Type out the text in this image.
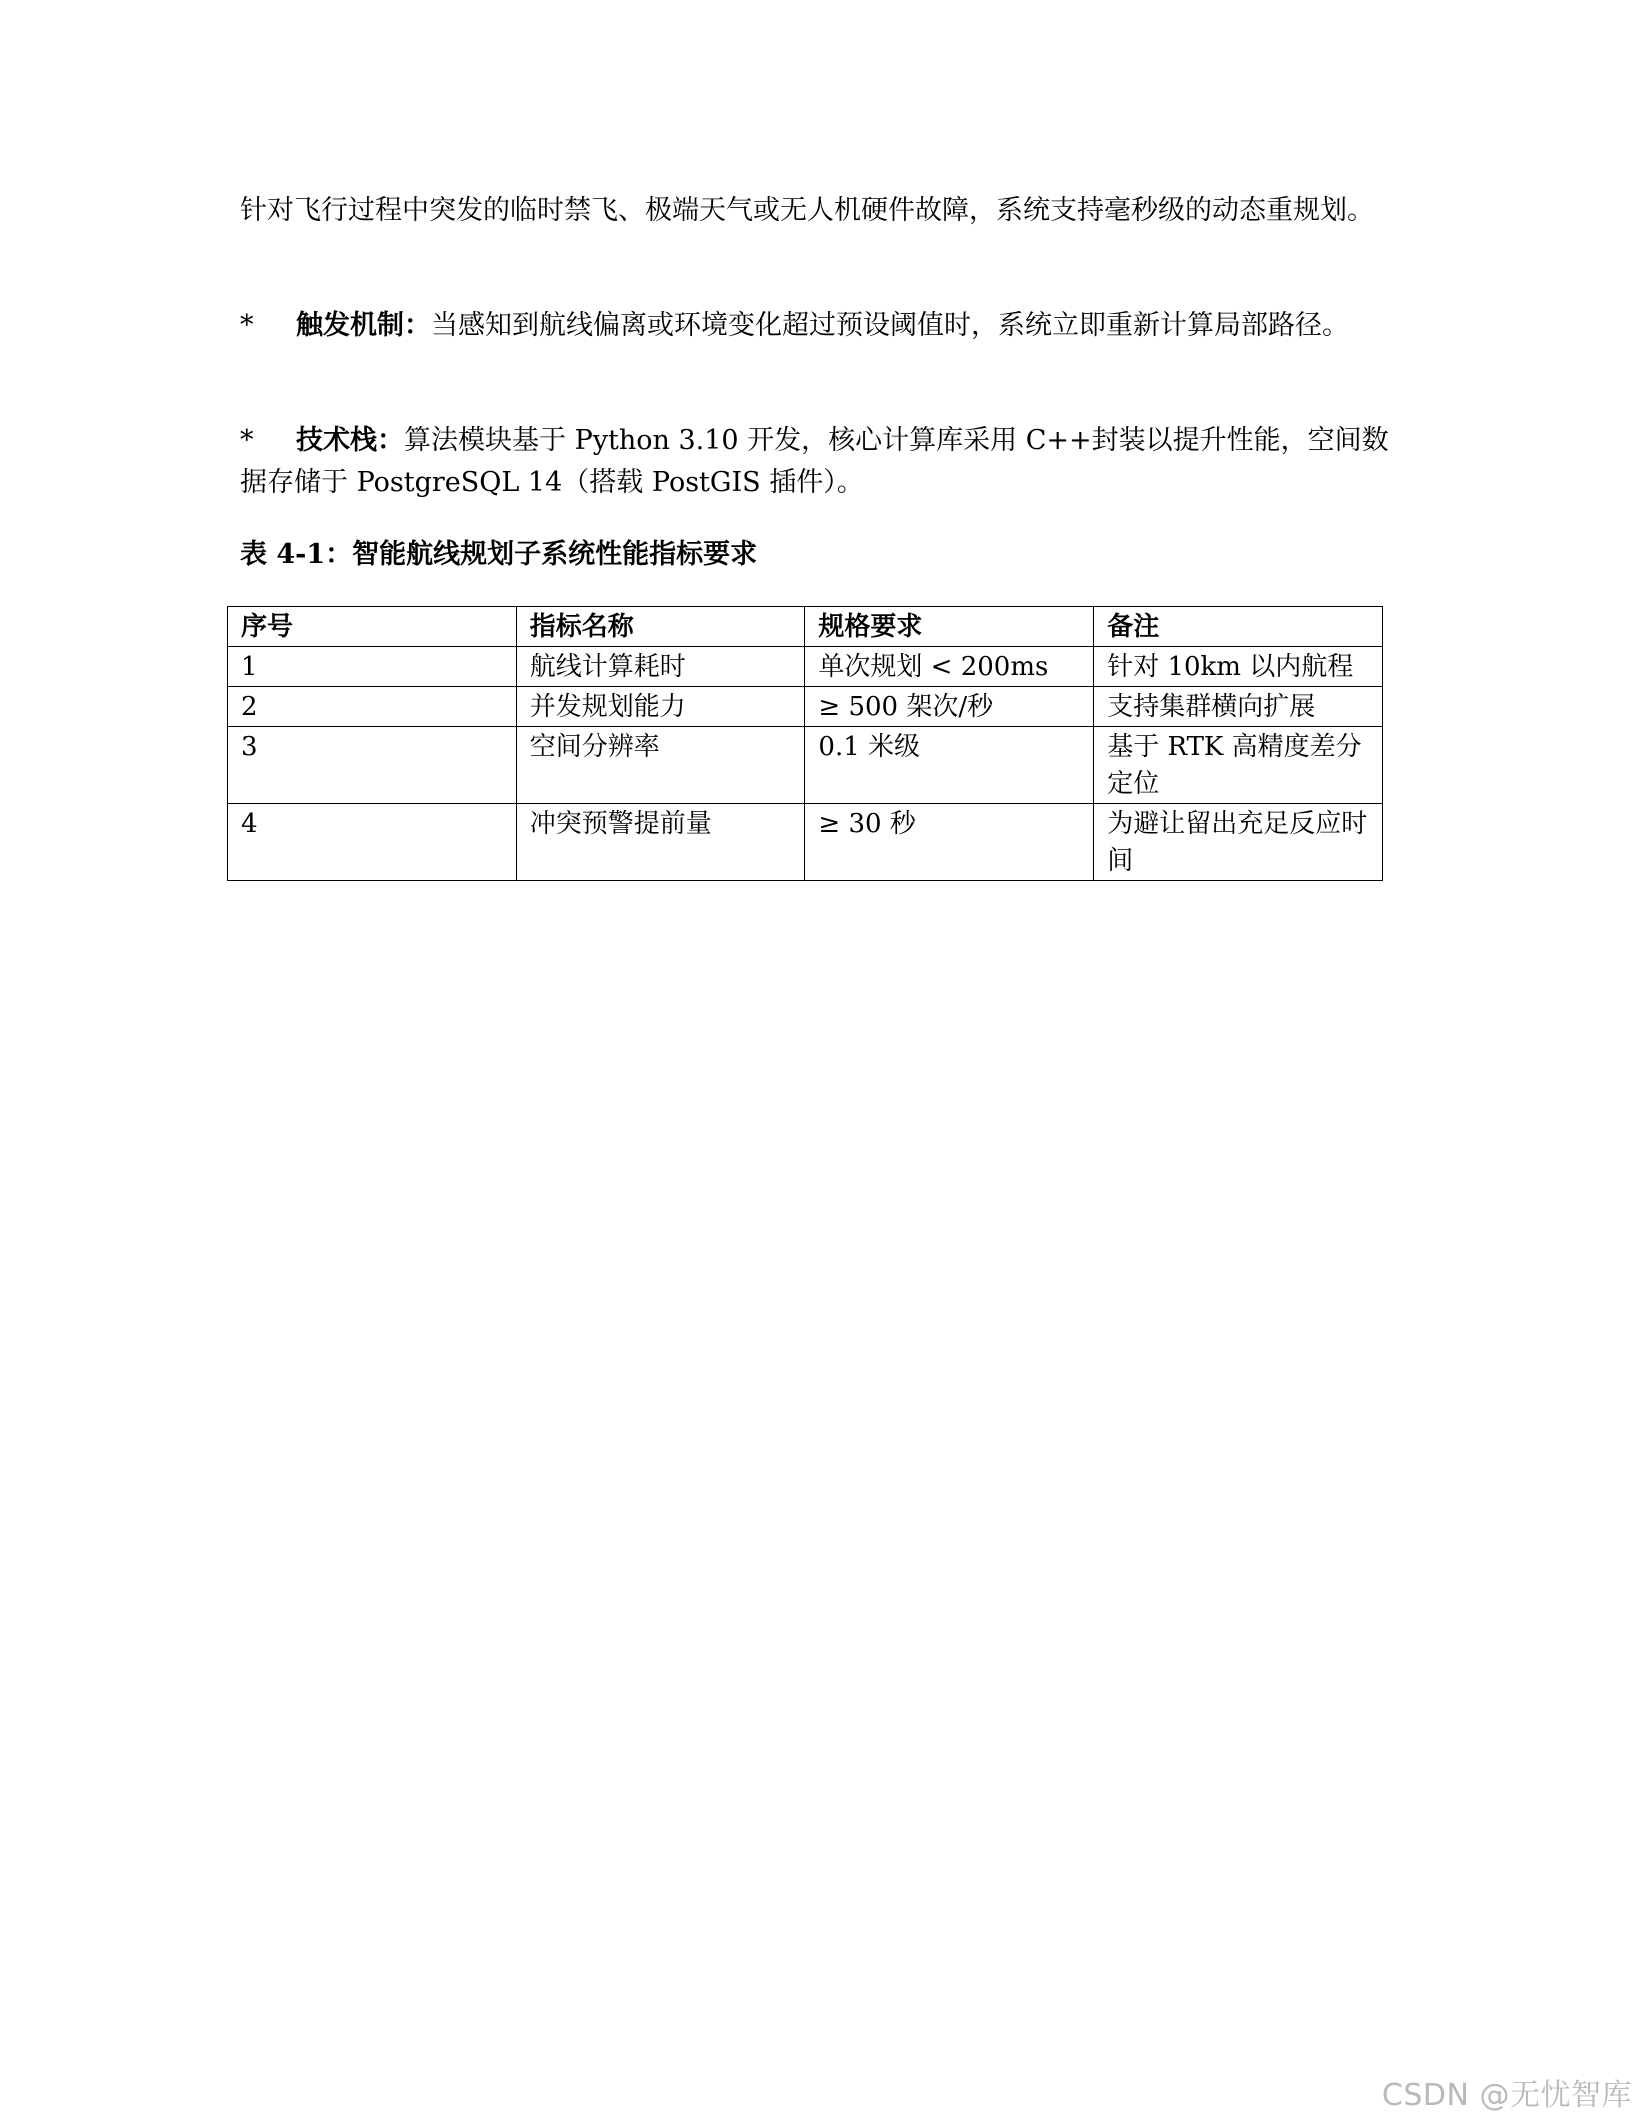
针对飞行过程中突发的临时禁飞、极端天气或无人机硬件故障，系统支持毫秒级的动态重规划。

* 触发机制：当感知到航线偏离或环境变化超过预设阈值时，系统立即重新计算局部路径。

* 技术栈：算法模块基于 Python 3.10 开发，核心计算库采用 C++封装以提升性能，空间数据存储于 PostgreSQL 14（搭载 PostGIS 插件）。

表 4-1：智能航线规划子系统性能指标要求

序号	指标名称	规格要求	备注
1	航线计算耗时	单次规划 < 200ms	针对 10km 以内航程
2	并发规划能力	≥ 500 架次/秒	支持集群横向扩展
3	空间分辨率	0.1 米级	基于 RTK 高精度差分定位
4	冲突预警提前量	≥ 30 秒	为避让留出充足反应时间
CSDN @无忧智库
